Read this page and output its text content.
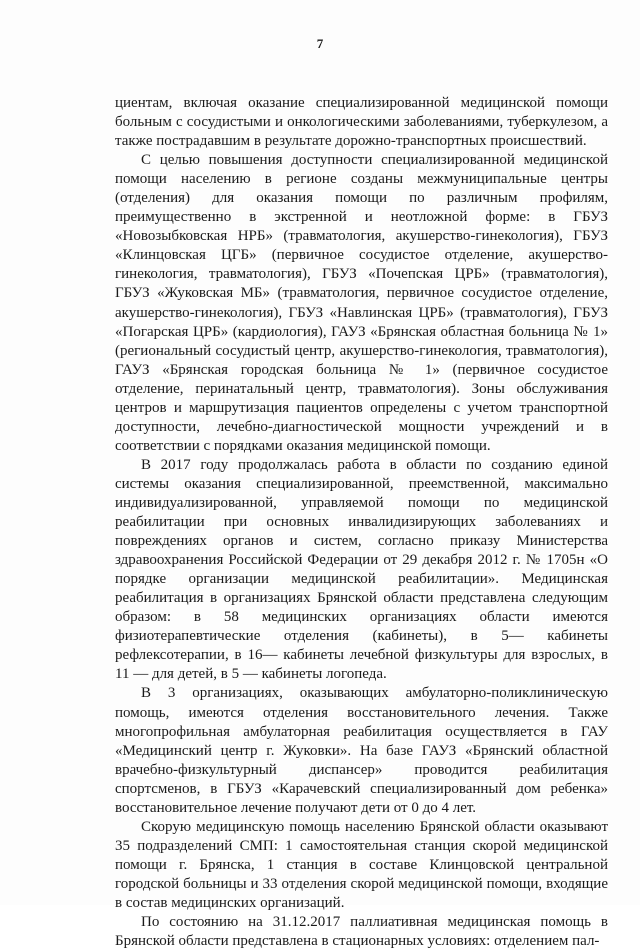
7

циентам, включая оказание специализированной медицинской помощи больным с сосудистыми и онкологическими заболеваниями, туберкулезом, а также пострадавшим в результате дорожно-транспортных происшествий.

С целью повышения доступности специализированной медицинской помощи населению в регионе созданы межмуниципальные центры (отделения) для оказания помощи по различным профилям, преимущественно в экстренной и неотложной форме: в ГБУЗ «Новозыбковская НРБ» (травматология, акушерство-гинекология), ГБУЗ «Клинцовская ЦГБ» (первичное сосудистое отделение, акушерство-гинекология, травматология), ГБУЗ «Почепская ЦРБ» (травматология), ГБУЗ «Жуковская МБ» (травматология, первичное сосудистое отделение, акушерство-гинекология), ГБУЗ «Навлинская ЦРБ» (травматология), ГБУЗ «Погарская ЦРБ» (кардиология), ГАУЗ «Брянская областная больница № 1» (региональный сосудистый центр, акушерство-гинекология, травматология), ГАУЗ «Брянская городская больница № 1» (первичное сосудистое отделение, перинатальный центр, травматология). Зоны обслуживания центров и маршрутизация пациентов определены с учетом транспортной доступности, лечебно-диагностической мощности учреждений и в соответствии с порядками оказания медицинской помощи.

В 2017 году продолжалась работа в области по созданию единой системы оказания специализированной, преемственной, максимально индивидуализированной, управляемой помощи по медицинской реабилитации при основных инвалидизирующих заболеваниях и повреждениях органов и систем, согласно приказу Министерства здравоохранения Российской Федерации от 29 декабря 2012 г. № 1705н «О порядке организации медицинской реабилитации». Медицинская реабилитация в организациях Брянской области представлена следующим образом: в 58 медицинских организациях области имеются физиотерапевтические отделения (кабинеты), в 5— кабинеты рефлексотерапии, в 16— кабинеты лечебной физкультуры для взрослых, в 11 — для детей, в 5 — кабинеты логопеда.

В 3 организациях, оказывающих амбулаторно-поликлиническую помощь, имеются отделения восстановительного лечения. Также многопрофильная амбулаторная реабилитация осуществляется в ГАУ «Медицинский центр г. Жуковки». На базе ГАУЗ «Брянский областной врачебно-физкультурный диспансер» проводится реабилитация спортсменов, в ГБУЗ «Карачевский специализированный дом ребенка» восстановительное лечение получают дети от 0 до 4 лет.

Скорую медицинскую помощь населению Брянской области оказывают 35 подразделений СМП: 1 самостоятельная станция скорой медицинской помощи г. Брянска, 1 станция в составе Клинцовской центральной городской больницы и 33 отделения скорой медицинской помощи, входящие в состав медицинских организаций.

По состоянию на 31.12.2017 паллиативная медицинская помощь в Брянской области представлена в стационарных условиях: отделением пал-
